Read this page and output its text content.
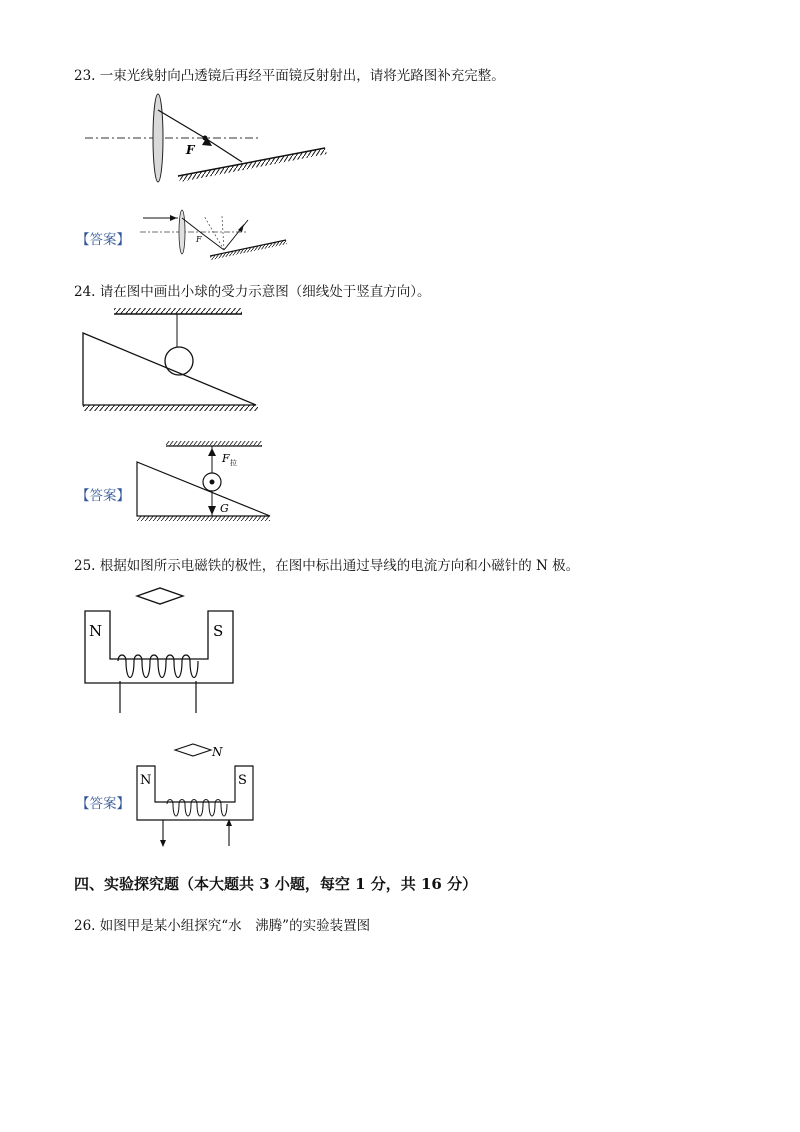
23. 一束光线射向凸透镜后再经平面镜反射射出，请将光路图补充完整。
F
【答案】	F
24. 请在图中画出小球的受力示意图（细线处于竖直方向）。
【答案】
F 拉
G
25. 根据如图所示电磁铁的极性，在图中标出通过导线的电流方向和小磁针的 N 极。
N	S
【答案】
N
N	S
四、实验探究题（本大题共 3 小题，每空 1 分，共 16 分）
26. 如图甲是某小组探究“水　沸腾”的实验装置图
